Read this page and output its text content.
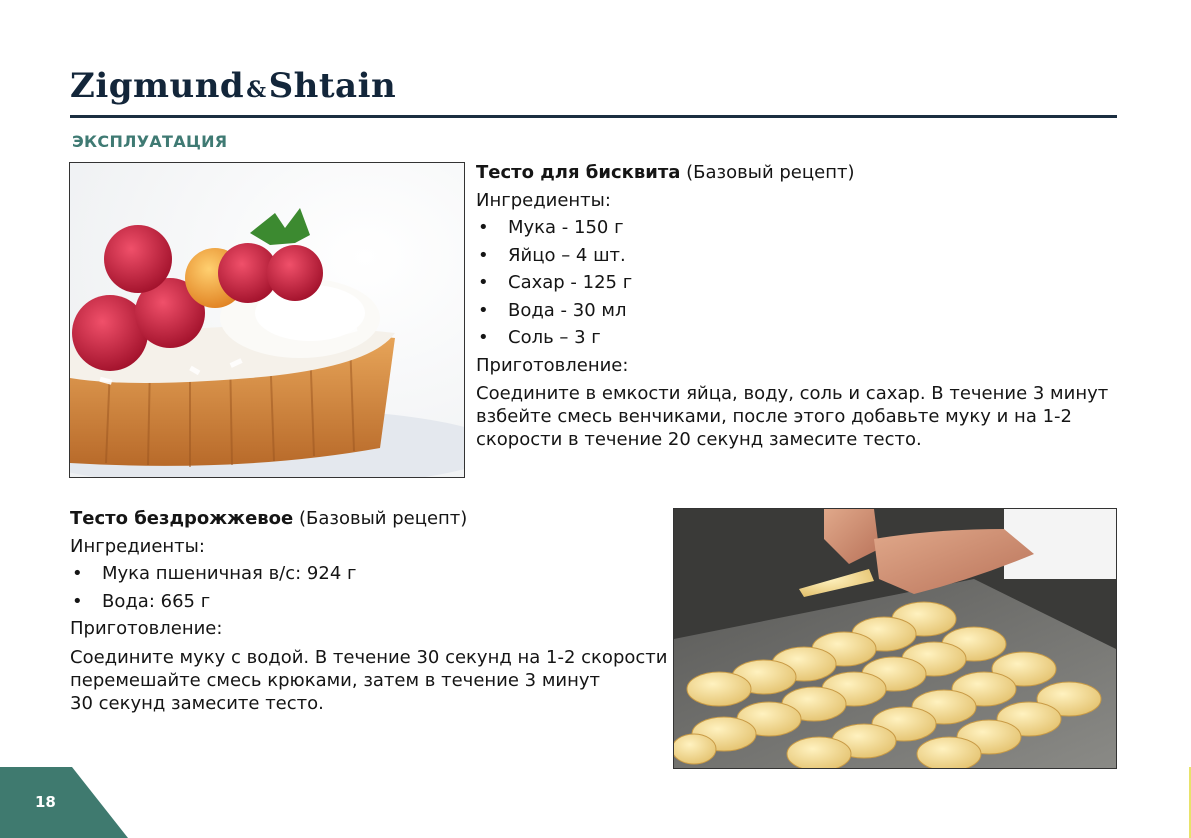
Zigmund&Shtain
ЭКСПЛУАТАЦИЯ
Тесто для бисквита (Базовый рецепт)
Ингредиенты:
• Мука - 150 г
• Яйцо – 4 шт.
• Сахар - 125 г
• Вода - 30 мл
• Соль – 3 г
Приготовление:
Соедините в емкости яйца, воду, соль и сахар. В течение 3 минут
взбейте смесь венчиками, после этого добавьте муку и на 1-2
скорости в течение 20 секунд замесите тесто.
Тесто бездрожжевое (Базовый рецепт)
Ингредиенты:
• Мука пшеничная в/с: 924 г
• Вода: 665 г
Приготовление:
Соедините муку с водой. В течение 30 секунд на 1-2 скорости
перемешайте смесь крюками, затем в течение 3 минут
30 секунд замесите тесто.
18
